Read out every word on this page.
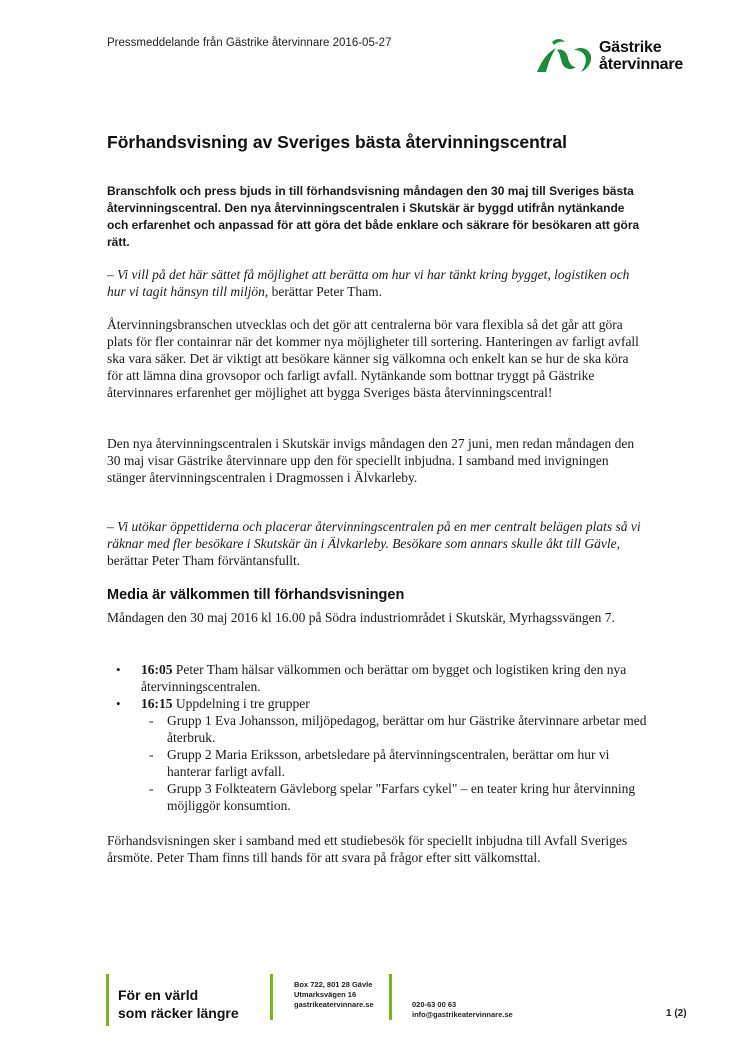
Pressmeddelande från Gästrike återvinnare 2016-05-27	Gästrike
återvinnare
Förhandsvisning av Sveriges bästa återvinningscentral

Branschfolk och press bjuds in till förhandsvisning måndagen den 30 maj till Sveriges bästa återvinningscentral. Den nya återvinningscentralen i Skutskär är byggd utifrån nytänkande och erfarenhet och anpassad för att göra det både enklare och säkrare för besökaren att göra rätt.

– Vi vill på det här sättet få möjlighet att berätta om hur vi har tänkt kring bygget, logistiken och hur vi tagit hänsyn till miljön, berättar Peter Tham.

Återvinningsbranschen utvecklas och det gör att centralerna bör vara flexibla så det går att göra plats för fler containrar när det kommer nya möjligheter till sortering. Hanteringen av farligt avfall ska vara säker. Det är viktigt att besökare känner sig välkomna och enkelt kan se hur de ska köra för att lämna dina grovsopor och farligt avfall. Nytänkande som bottnar tryggt på Gästrike återvinnares erfarenhet ger möjlighet att bygga Sveriges bästa återvinningscentral!

Den nya återvinningscentralen i Skutskär invigs måndagen den 27 juni, men redan måndagen den 30 maj visar Gästrike återvinnare upp den för speciellt inbjudna. I samband med invigningen stänger återvinningscentralen i Dragmossen i Älvkarleby.

– Vi utökar öppettiderna och placerar återvinningscentralen på en mer centralt belägen plats så vi räknar med fler besökare i Skutskär än i Älvkarleby. Besökare som annars skulle åkt till Gävle, berättar Peter Tham förväntansfullt.

Media är välkommen till förhandsvisningen

Måndagen den 30 maj 2016 kl 16.00 på Södra industriområdet i Skutskär, Myrhagssvängen 7.

• 16:05 Peter Tham hälsar välkommen och berättar om bygget och logistiken kring den nya återvinningscentralen.
• 16:15 Uppdelning i tre grupper
- Grupp 1 Eva Johansson, miljöpedagog, berättar om hur Gästrike återvinnare arbetar med återbruk.
- Grupp 2 Maria Eriksson, arbetsledare på återvinningscentralen, berättar om hur vi hanterar farligt avfall.
- Grupp 3 Folkteatern Gävleborg spelar "Farfars cykel" – en teater kring hur återvinning möjliggör konsumtion.

Förhandsvisningen sker i samband med ett studiebesök för speciellt inbjudna till Avfall Sveriges årsmöte. Peter Tham finns till hands för att svara på frågor efter sitt välkomsttal.

För en värld
som räcker längre
Box 722, 801 28 Gävle
Utmarksvägen 16
gastrikeatervinnare.se	020-63 00 63
info@gastrikeatervinnare.se	1 (2)
